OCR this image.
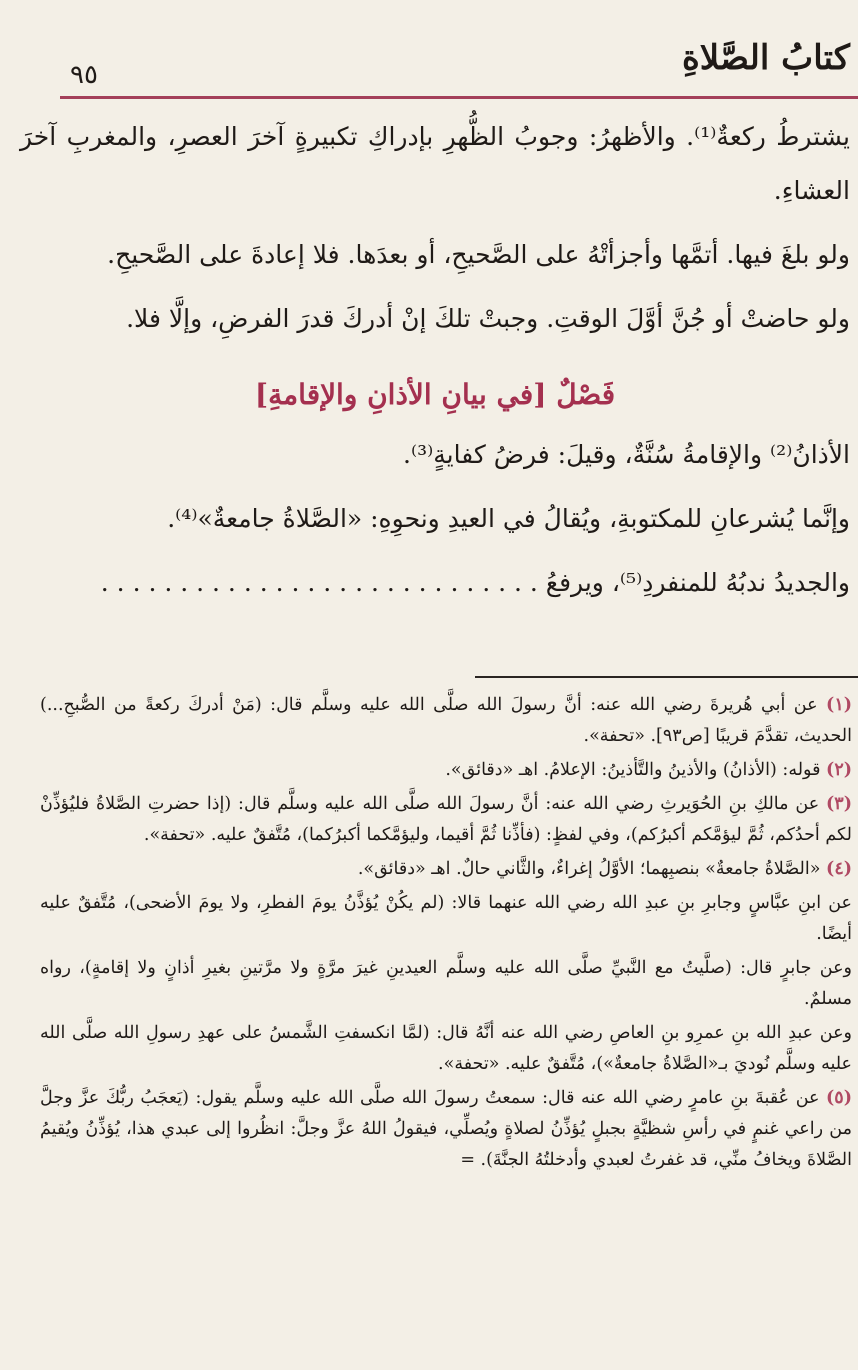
٩٥	كتابُ الصَّلاةِ

يشترطُ ركعةٌ⁽¹⁾. والأظهرُ: وجوبُ الظُّهرِ بإدراكِ تكبيرةٍ آخرَ العصرِ، والمغربِ آخرَ العشاءِ.

ولو بلغَ فيها. أتمَّها وأجزأتْهُ على الصَّحيحِ، أو بعدَها. فلا إعادةَ على الصَّحيحِ.

ولو حاضتْ أو جُنَّ أوَّلَ الوقتِ. وجبتْ تلكَ إنْ أدركَ قدرَ الفرضِ، وإلَّا فلا.

فَصْلٌ [في بيانِ الأذانِ والإقامةِ]

الأذانُ⁽²⁾ والإقامةُ سُنَّةٌ، وقيلَ: فرضُ كفايةٍ⁽³⁾.

وإنَّما يُشرعانِ للمكتوبةِ، ويُقالُ في العيدِ ونحوِهِ: «الصَّلاةُ جامعةٌ»⁽⁴⁾.

والجديدُ ندبُهُ للمنفردِ⁽⁵⁾، ويرفعُ . . . . . . . . . . . . . . . . . . . . . . . . . . . .

(١) عن أبي هُريرةَ رضي الله عنه: أنَّ رسولَ الله صلَّى الله عليه وسلَّم قال: (مَنْ أدركَ ركعةً من الصُّبحِ...) الحديث، تقدَّمَ قريبًا [ص٩٣]. «تحفة».

(٢) قوله: (الأذانُ) والأذينُ والتَّأذينُ: الإعلامُ. اهـ «دقائق».

(٣) عن مالكِ بنِ الحُوَيرثِ رضي الله عنه: أنَّ رسولَ الله صلَّى الله عليه وسلَّم قال: (إذا حضرتِ الصَّلاةُ فليُؤذِّنْ لكم أحدُكم، ثُمَّ ليؤمَّكم أكبرُكم)، وفي لفظٍ: (فأذِّنا ثُمَّ أقيما، وليؤمَّكما أكبرُكما)، مُتَّفقٌ عليه. «تحفة».

(٤) «الصَّلاةُ جامعةٌ» بنصبِهما؛ الأوَّلُ إغراءٌ، والثَّاني حالٌ. اهـ «دقائق».

عن ابنِ عبَّاسٍ وجابرِ بنِ عبدِ الله رضي الله عنهما قالا: (لم يكُنْ يُؤذَّنُ يومَ الفطرِ، ولا يومَ الأضحى)، مُتَّفقٌ عليه أيضًا.

وعن جابرٍ قال: (صلَّيتُ مع النَّبيِّ صلَّى الله عليه وسلَّم العيدينِ غيرَ مرَّةٍ ولا مرَّتينِ بغيرِ أذانٍ ولا إقامةٍ)، رواه مسلمٌ.

وعن عبدِ الله بنِ عمرِو بنِ العاصِ رضي الله عنه أنَّهُ قال: (لمَّا انكسفتِ الشَّمسُ على عهدِ رسولِ الله صلَّى الله عليه وسلَّم نُوديَ بـ«الصَّلاةُ جامعةٌ»)، مُتَّفقٌ عليه. «تحفة».

(٥) عن عُقبةَ بنِ عامرٍ رضي الله عنه قال: سمعتُ رسولَ الله صلَّى الله عليه وسلَّم يقول: (يَعجَبُ ربُّكَ عزَّ وجلَّ من راعي غنمٍ في رأسِ شظيَّةٍ بجبلٍ يُؤذِّنُ لصلاةٍ ويُصلِّي، فيقولُ اللهُ عزَّ وجلَّ: انظُروا إلى عبدي هذا، يُؤذِّنُ ويُقيمُ الصَّلاةَ ويخافُ منِّي، قد غفرتُ لعبدي وأدخلتُهُ الجنَّةَ). =
